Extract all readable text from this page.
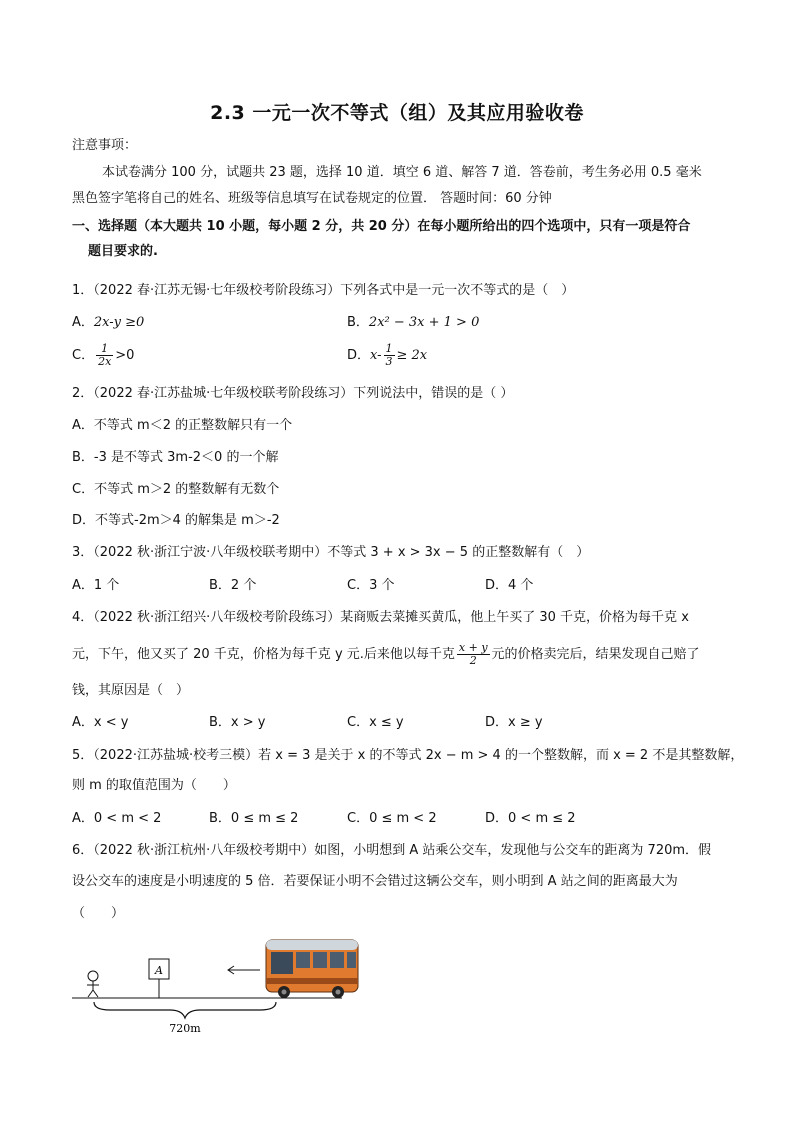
2.3 一元一次不等式（组）及其应用验收卷
注意事项：
本试卷满分 100 分，试题共 23 题，选择 10 道．填空 6 道、解答 7 道．答卷前，考生务必用 0.5 毫米
黑色签字笔将自己的姓名、班级等信息填写在试卷规定的位置． 答题时间：60 分钟
一、选择题（本大题共 10 小题，每小题 2 分，共 20 分）在每小题所给出的四个选项中，只有一项是符合
题目要求的.
1．（2022 春·江苏无锡·七年级校考阶段练习）下列各式中是一元一次不等式的是（　）
A．2x-y ≥0	B．2x² − 3x + 1 > 0
C． $\frac{1}{2x} >0$	D．$x- \frac{1}{3} \ge 2x$
2．（2022 春·江苏盐城·七年级校联考阶段练习）下列说法中，错误的是（ ）
A．不等式 m＜2 的正整数解只有一个
B．-3 是不等式 3m-2＜0 的一个解
C．不等式 m＞2 的整数解有无数个
D．不等式-2m＞4 的解集是 m＞-2
3．（2022 秋·浙江宁波·八年级校联考期中）不等式 3 + x > 3x − 5 的正整数解有（　）
A．1 个	B．2 个	C．3 个	D．4 个
4．（2022 秋·浙江绍兴·八年级校考阶段练习）某商贩去菜摊买黄瓜，他上午买了 30 千克，价格为每千克 x
元，下午，他又买了 20 千克，价格为每千克 y 元.后来他以每千克 $\frac{x + y}{2}$ 元的价格卖完后，结果发现自己赔了
钱，其原因是（　）
A．x < y	B．x > y	C．x ≤ y	D．x ≥ y
5．（2022·江苏盐城·校考三模）若 x = 3 是关于 x 的不等式 2x − m > 4 的一个整数解，而 x = 2 不是其整数解，
则 m 的取值范围为（　　）
A．0 < m < 2	B．0 ≤ m ≤ 2	C．0 ≤ m < 2	D．0 < m ≤ 2
6．（2022 秋·浙江杭州·八年级校考期中）如图，小明想到 A 站乘公交车，发现他与公交车的距离为 720m．假
设公交车的速度是小明速度的 5 倍．若要保证小明不会错过这辆公交车，则小明到 A 站之间的距离最大为
（　　）
A
720m
